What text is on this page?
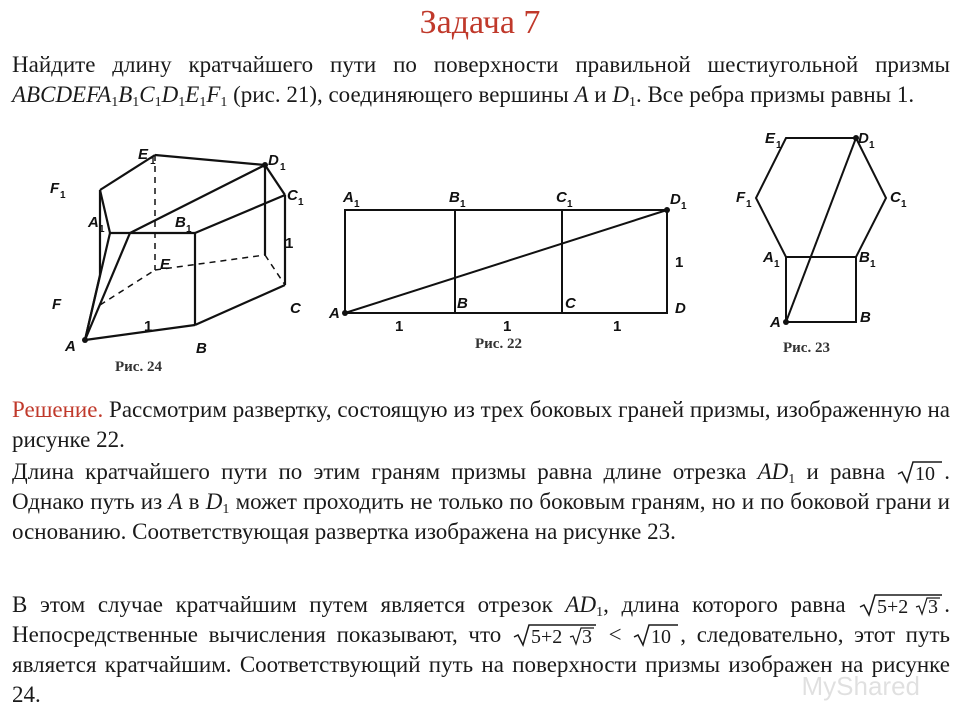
Задача 7

Найдите длину кратчайшего пути по поверхности правильной шестиугольной призмы $ABCDEFA_1B_1C_1D_1E_1F_1$ (рис. 21), соединяющего вершины A и $D_1$. Все ребра призмы равны 1.

E 1	D 1
F 1	C 1
A 1	B 1
E
F	C
A	B
1
1
Рис. 24
A 1	B 1	C 1	D 1
A
B	C	D
1	1	1
1
Рис. 22
E 1	D 1
F 1	C 1
A 1	B 1
A	B
Рис. 23

Решение. Рассмотрим развертку, состоящую из трех боковых граней призмы, изображенную на рисунке 22.

Длина кратчайшего пути по этим граням призмы равна длине отрезка $AD_1$ и равна 10 . Однако путь из A в $D_1$ может проходить не только по боковым граням, но и по боковой грани и основанию. Соответствующая развертка изображена на рисунке 23.

В этом случае кратчайшим путем является отрезок $AD_1$, длина которого равна 5+2 3 . Непосредственные вычисления показывают, что 5+2 3 < 10 , следовательно, этот путь является кратчайшим. Соответствующий путь на поверхности призмы изображен на рисунке 24.	MyShared
